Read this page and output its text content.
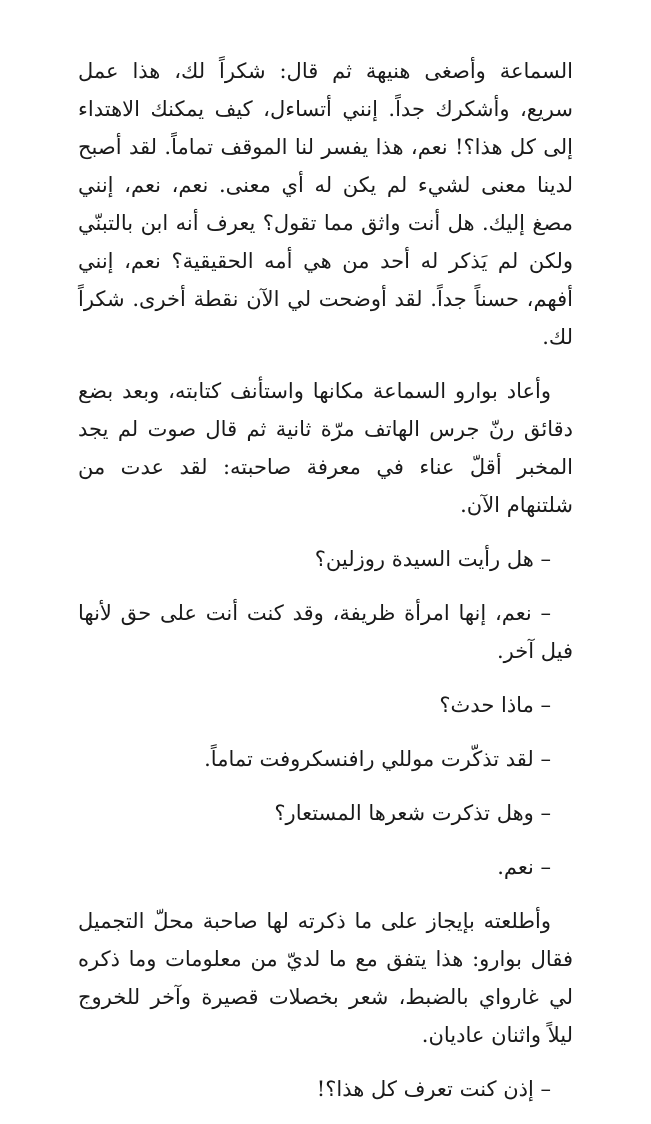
السماعة وأصغى هنيهة ثم قال: شكراً لك، هذا عمل سريع، وأشكرك جداً. إنني أتساءل، كيف يمكنك الاهتداء إلى كل هذا؟! نعم، هذا يفسر لنا الموقف تماماً. لقد أصبح لدينا معنى لشيء لم يكن له أي معنى. نعم، نعم، إنني مصغ إليك. هل أنت واثق مما تقول؟ يعرف أنه ابن بالتبنّي ولكن لم يَذكر له أحد من هي أمه الحقيقية؟ نعم، إنني أفهم، حسناً جداً. لقد أوضحت لي الآن نقطة أخرى. شكراً لك.

وأعاد بوارو السماعة مكانها واستأنف كتابته، وبعد بضع دقائق رنّ جرس الهاتف مرّة ثانية ثم قال صوت لم يجد المخبر أقلّ عناء في معرفة صاحبته: لقد عدت من شلتنهام الآن.

– هل رأيت السيدة روزلين؟

– نعم، إنها امرأة ظريفة، وقد كنت أنت على حق لأنها فيل آخر.

– ماذا حدث؟

– لقد تذكّرت موللي رافنسكروفت تماماً.

– وهل تذكرت شعرها المستعار؟

– نعم.

وأطلعته بإيجاز على ما ذكرته لها صاحبة محلّ التجميل فقال بوارو: هذا يتفق مع ما لديّ من معلومات وما ذكره لي غارواي بالضبط، شعر بخصلات قصيرة وآخر للخروج ليلاً واثنان عاديان.

– إذن كنت تعرف كل هذا؟!
